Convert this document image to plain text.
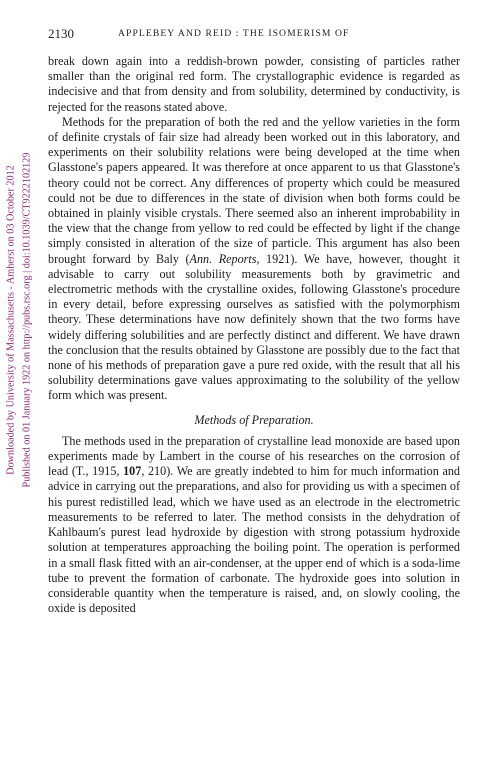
Downloaded by University of Massachusetts - Amherst on 03 October 2012 Published on 01 January 1922 on http://pubs.rsc.org | doi:10.1039/CT9222102129
2130	APPLEBEY AND REID : THE ISOMERISM OF

break down again into a reddish-brown powder, consisting of particles rather smaller than the original red form. The crystallographic evidence is regarded as indecisive and that from density and from solubility, determined by conductivity, is rejected for the reasons stated above.

Methods for the preparation of both the red and the yellow varieties in the form of definite crystals of fair size had already been worked out in this laboratory, and experiments on their solubility relations were being developed at the time when Glasstone's papers appeared. It was therefore at once apparent to us that Glasstone's theory could not be correct. Any differences of property which could be measured could not be due to differences in the state of division when both forms could be obtained in plainly visible crystals. There seemed also an inherent improbability in the view that the change from yellow to red could be effected by light if the change simply consisted in alteration of the size of particle. This argument has also been brought forward by Baly (Ann. Reports, 1921). We have, however, thought it advisable to carry out solubility measurements both by gravimetric and electrometric methods with the crystalline oxides, following Glasstone's procedure in every detail, before expressing ourselves as satisfied with the polymorphism theory. These determinations have now definitely shown that the two forms have widely differing solubilities and are perfectly distinct and different. We have drawn the conclusion that the results obtained by Glasstone are possibly due to the fact that none of his methods of preparation gave a pure red oxide, with the result that all his solubility determinations gave values approximating to the solubility of the yellow form which was present.

Methods of Preparation.

The methods used in the preparation of crystalline lead monoxide are based upon experiments made by Lambert in the course of his researches on the corrosion of lead (T., 1915, 107, 210). We are greatly indebted to him for much information and advice in carrying out the preparations, and also for providing us with a specimen of his purest redistilled lead, which we have used as an electrode in the electrometric measurements to be referred to later. The method consists in the dehydration of Kahlbaum's purest lead hydroxide by digestion with strong potassium hydroxide solution at temperatures approaching the boiling point. The operation is performed in a small flask fitted with an air-condenser, at the upper end of which is a soda-lime tube to prevent the formation of carbonate. The hydroxide goes into solution in considerable quantity when the temperature is raised, and, on slowly cooling, the oxide is deposited
